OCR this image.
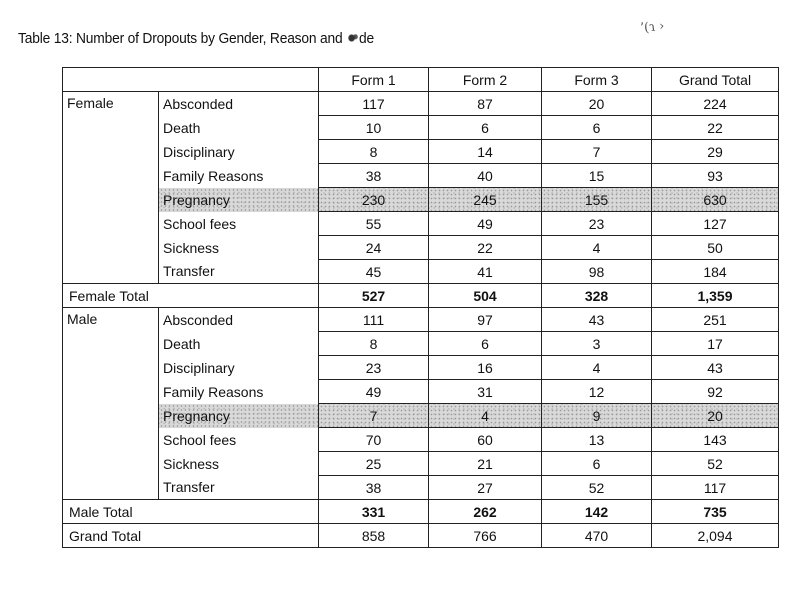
Table 13: Number of Dropouts by Gender, Reason and de
ʼ(ɿ ›
		Form 1	Form 2	Form 3	Grand Total
Female	Absconded	117	87	20	224
	Death	10	6	6	22
	Disciplinary	8	14	7	29
	Family Reasons	38	40	15	93
	Pregnancy	230	245	155	630
	School fees	55	49	23	127
	Sickness	24	22	4	50
	Transfer	45	41	98	184
Female Total		527	504	328	1,359
Male	Absconded	111	97	43	251
	Death	8	6	3	17
	Disciplinary	23	16	4	43
	Family Reasons	49	31	12	92
	Pregnancy	7	4	9	20
	School fees	70	60	13	143
	Sickness	25	21	6	52
	Transfer	38	27	52	117
Male Total		331	262	142	735
Grand Total		858	766	470	2,094
